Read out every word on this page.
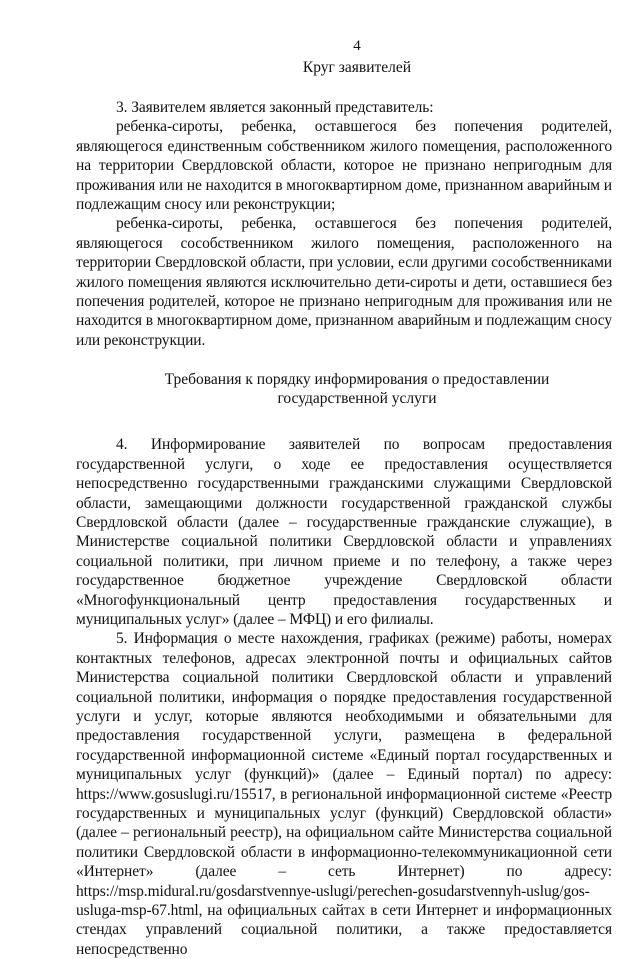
4
Круг заявителей

3. Заявителем является законный представитель:

ребенка-сироты, ребенка, оставшегося без попечения родителей, являющегося единственным собственником жилого помещения, расположенного на территории Свердловской области, которое не признано непригодным для проживания или не находится в многоквартирном доме, признанном аварийным и подлежащим сносу или реконструкции;

ребенка-сироты, ребенка, оставшегося без попечения родителей, являющегося сособственником жилого помещения, расположенного на территории Свердловской области, при условии, если другими сособственниками жилого помещения являются исключительно дети-сироты и дети, оставшиеся без попечения родителей, которое не признано непригодным для проживания или не находится в многоквартирном доме, признанном аварийным и подлежащим сносу или реконструкции.

Требования к порядку информирования о предоставлении
государственной услуги

4. Информирование заявителей по вопросам предоставления государственной услуги, о ходе ее предоставления осуществляется непосредственно государственными гражданскими служащими Свердловской области, замещающими должности государственной гражданской службы Свердловской области (далее – государственные гражданские служащие), в Министерстве социальной политики Свердловской области и управлениях социальной политики, при личном приеме и по телефону, а также через государственное бюджетное учреждение Свердловской области «Многофункциональный центр предоставления государственных и муниципальных услуг» (далее – МФЦ) и его филиалы.

5. Информация о месте нахождения, графиках (режиме) работы, номерах контактных телефонов, адресах электронной почты и официальных сайтов Министерства социальной политики Свердловской области и управлений социальной политики, информация о порядке предоставления государственной услуги и услуг, которые являются необходимыми и обязательными для предоставления государственной услуги, размещена в федеральной государственной информационной системе «Единый портал государственных и муниципальных услуг (функций)» (далее – Единый портал) по адресу: https://www.gosuslugi.ru/15517, в региональной информационной системе «Реестр государственных и муниципальных услуг (функций) Свердловской области» (далее – региональный реестр), на официальном сайте Министерства социальной политики Свердловской области в информационно-телекоммуникационной сети «Интернет» (далее – сеть Интернет) по адресу: https://msp.midural.ru/gosdarstvennye-uslugi/perechen-gosudarstvennyh-uslug/gos-usluga-msp-67.html, на официальных сайтах в сети Интернет и информационных стендах управлений социальной политики, а также предоставляется непосредственно
